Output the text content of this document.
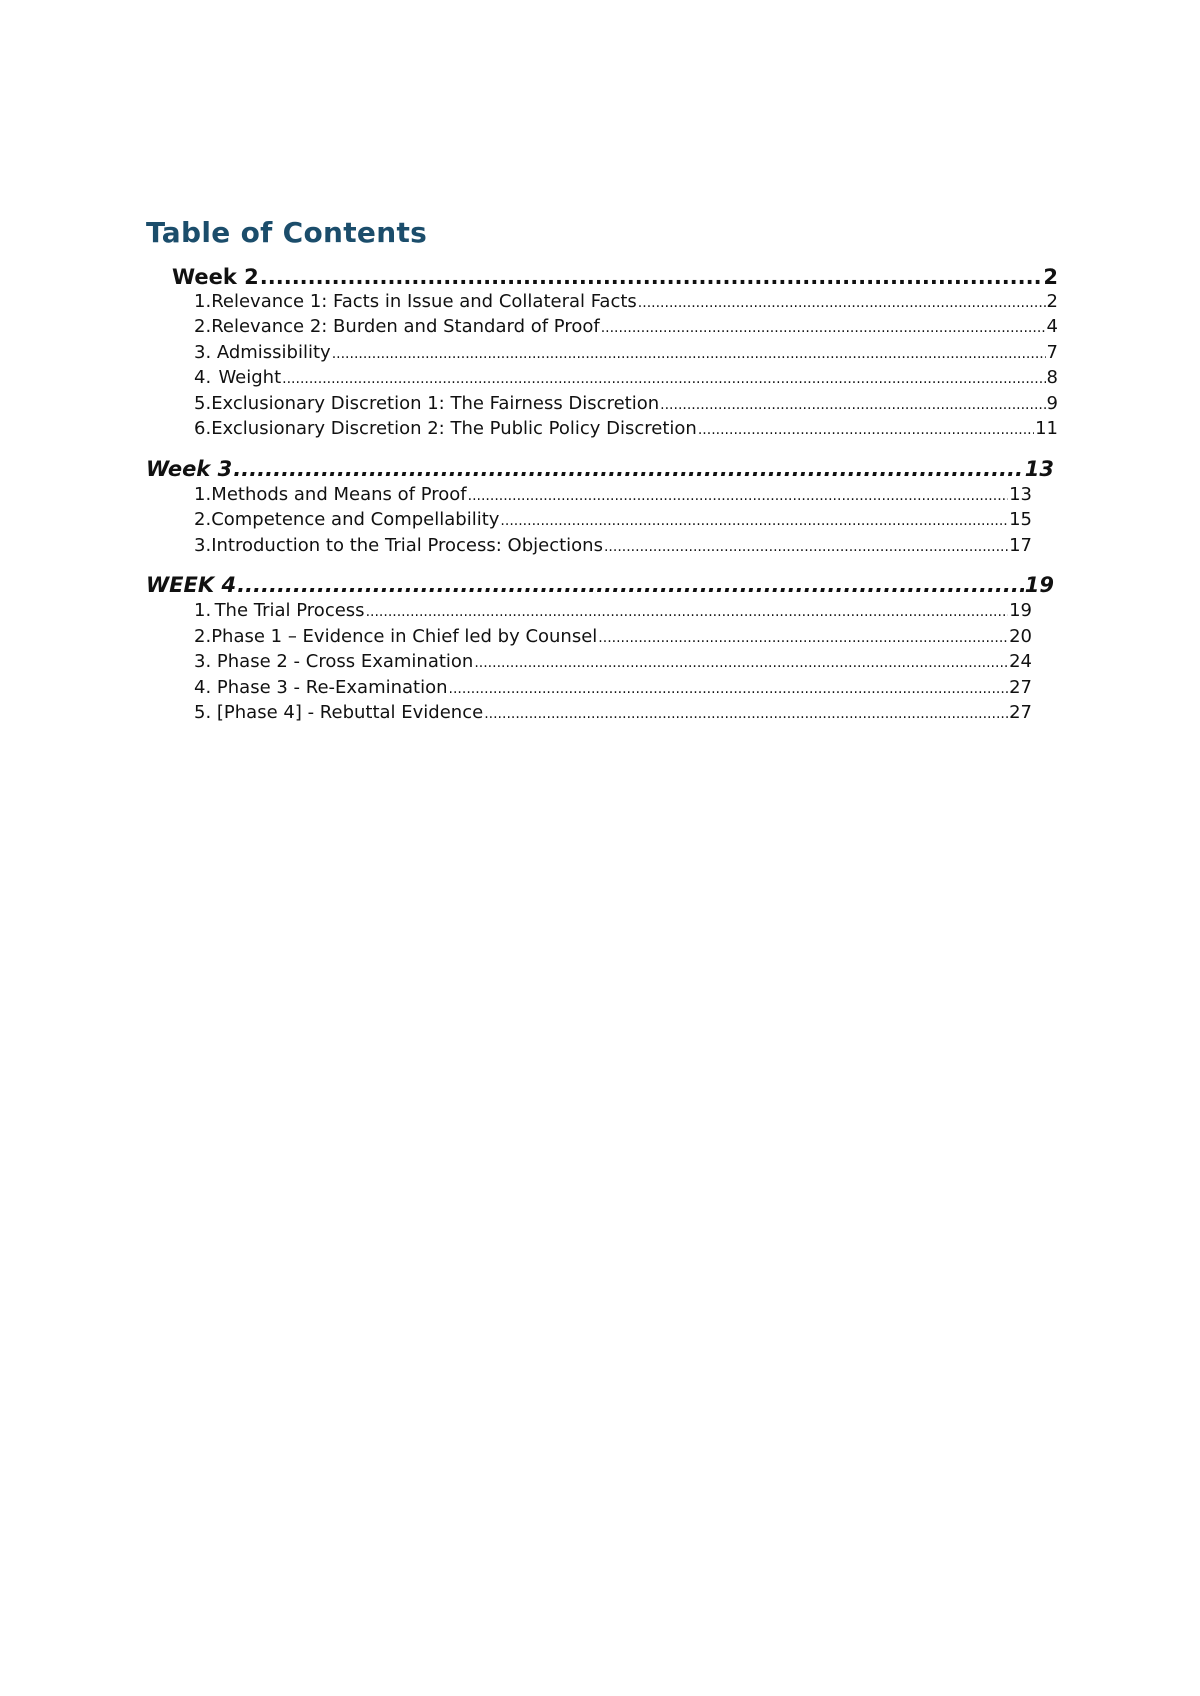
Table of Contents
Week 2 .....	2
1. Relevance 1: Facts in Issue and Collateral Facts .....	2
2. Relevance 2: Burden and Standard of Proof .....	4
3. Admissibility .....	7
4. Weight .....	8
5. Exclusionary Discretion 1: The Fairness Discretion .....	9
6. Exclusionary Discretion 2: The Public Policy Discretion .....	11
Week 3 .....	13
1. Methods and Means of Proof .....	13
2. Competence and Compellability .....	15
3. Introduction to the Trial Process: Objections .....	17
WEEK 4 .....	19
1. The Trial Process .....	19
2. Phase 1 – Evidence in Chief led by Counsel .....	20
3. Phase 2 - Cross Examination .....	24
4. Phase 3 - Re-Examination .....	27
5. [Phase 4] - Rebuttal Evidence .....	27
